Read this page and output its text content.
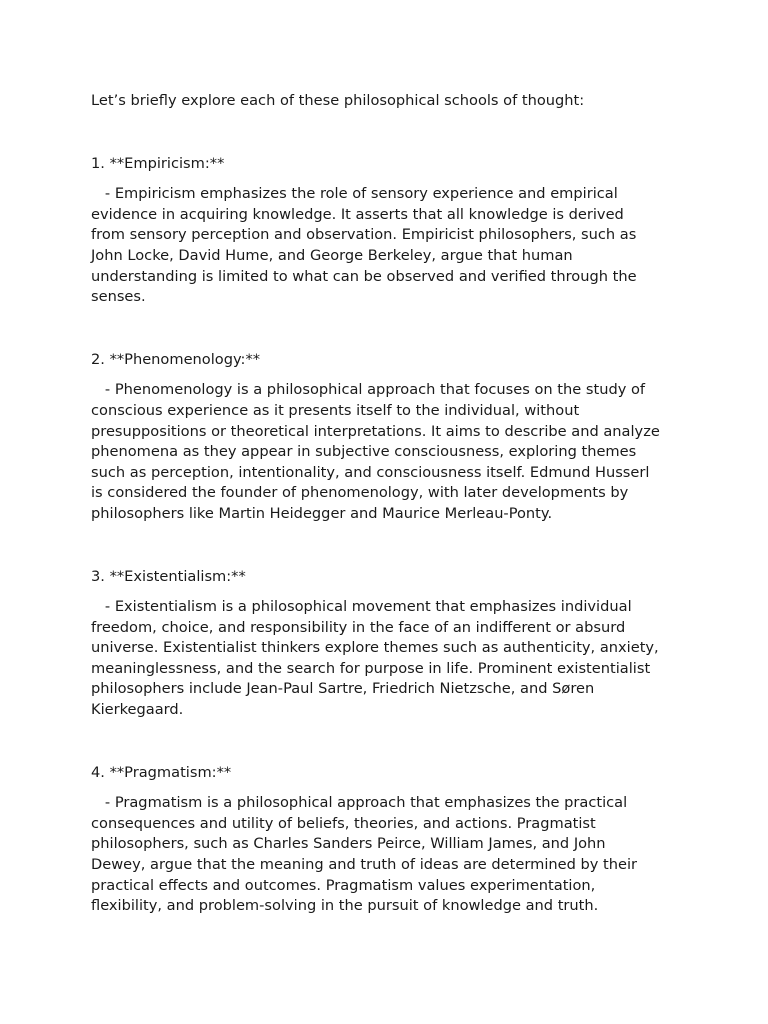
Let’s briefly explore each of these philosophical schools of thought:

1. **Empiricism:**

- Empiricism emphasizes the role of sensory experience and empirical

evidence in acquiring knowledge. It asserts that all knowledge is derived

from sensory perception and observation. Empiricist philosophers, such as

John Locke, David Hume, and George Berkeley, argue that human

understanding is limited to what can be observed and verified through the

senses.

2. **Phenomenology:**

- Phenomenology is a philosophical approach that focuses on the study of

conscious experience as it presents itself to the individual, without

presuppositions or theoretical interpretations. It aims to describe and analyze

phenomena as they appear in subjective consciousness, exploring themes

such as perception, intentionality, and consciousness itself. Edmund Husserl

is considered the founder of phenomenology, with later developments by

philosophers like Martin Heidegger and Maurice Merleau-Ponty.

3. **Existentialism:**

- Existentialism is a philosophical movement that emphasizes individual

freedom, choice, and responsibility in the face of an indifferent or absurd

universe. Existentialist thinkers explore themes such as authenticity, anxiety,

meaninglessness, and the search for purpose in life. Prominent existentialist

philosophers include Jean-Paul Sartre, Friedrich Nietzsche, and Søren

Kierkegaard.

4. **Pragmatism:**

- Pragmatism is a philosophical approach that emphasizes the practical

consequences and utility of beliefs, theories, and actions. Pragmatist

philosophers, such as Charles Sanders Peirce, William James, and John

Dewey, argue that the meaning and truth of ideas are determined by their

practical effects and outcomes. Pragmatism values experimentation,

flexibility, and problem-solving in the pursuit of knowledge and truth.
